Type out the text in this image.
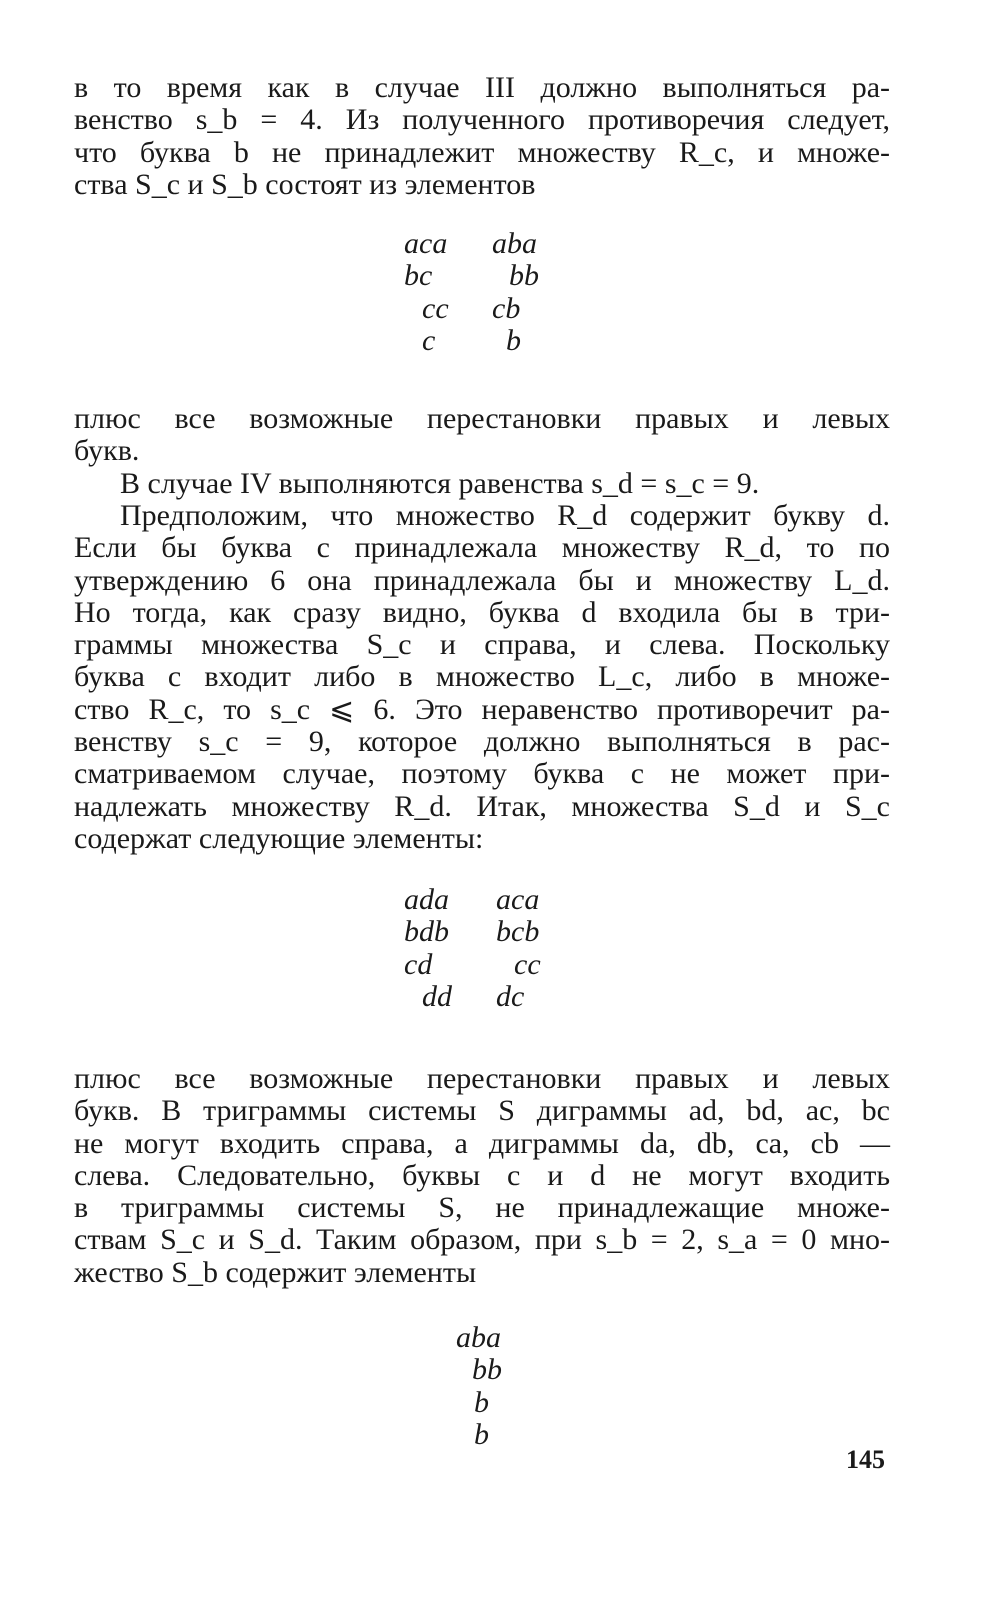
в то время как в случае III должно выполняться ра-
венство s_b = 4. Из полученного противоречия следует,
что буква b не принадлежит множеству R_c, и множе-
ства S_c и S_b состоят из элементов

aca	aba
bc	bb
cc	cb
c	b

плюс все возможные перестановки правых и левых
букв.

В случае IV выполняются равенства s_d = s_c = 9.

Предположим, что множество R_d содержит букву d.
Если бы буква c принадлежала множеству R_d, то по
утверждению 6 она принадлежала бы и множеству L_d.
Но тогда, как сразу видно, буква d входила бы в три-
граммы множества S_c и справа, и слева. Поскольку
буква c входит либо в множество L_c, либо в множе-
ство R_c, то s_c ⩽ 6. Это неравенство противоречит ра-
венству s_c = 9, которое должно выполняться в рас-
сматриваемом случае, поэтому буква c не может при-
надлежать множеству R_d. Итак, множества S_d и S_c
содержат следующие элементы:

ada	aca
bdb	bcb
cd	cc
dd	dc

плюс все возможные перестановки правых и левых
букв. В триграммы системы S диграммы ad, bd, ac, bc
не могут входить справа, а диграммы da, db, ca, cb —
слева. Следовательно, буквы c и d не могут входить
в триграммы системы S, не принадлежащие множе-
ствам S_c и S_d. Таким образом, при s_b = 2, s_a = 0 мно-
жество S_b содержит элементы

aba
bb
b
b
145
